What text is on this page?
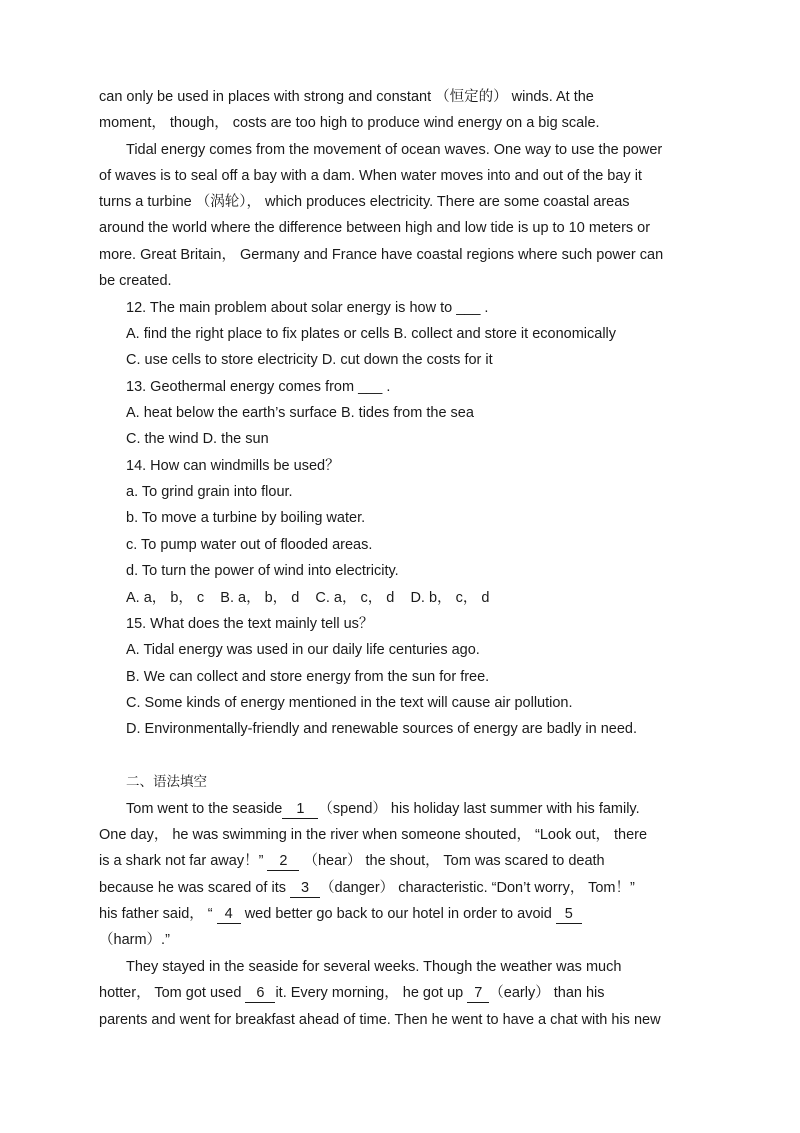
can only be used in places with strong and constant （恒定的） winds. At the
moment， though， costs are too high to produce wind energy on a big scale.
Tidal energy comes from the movement of ocean waves. One way to use the power
of waves is to seal off a bay with a dam. When water moves into and out of the bay it
turns a turbine （涡轮）， which produces electricity. There are some coastal areas
around the world where the difference between high and low tide is up to 10 meters or
more. Great Britain， Germany and France have coastal regions where such power can
be created.
12. The main problem about solar energy is how to ___ .
A. find the right place to fix plates or cells B. collect and store it economically
C. use cells to store electricity D. cut down the costs for it
13. Geothermal energy comes from ___ .
A. heat below the earth’s surface B. tides from the sea
C. the wind D. the sun
14. How can windmills be used？
a. To grind grain into flour.
b. To move a turbine by boiling water.
c. To pump water out of flooded areas.
d. To turn the power of wind into electricity.
A. a， b， c    B. a， b， d    C. a， c， d    D. b， c， d
15. What does the text mainly tell us？
A. Tidal energy was used in our daily life centuries ago.
B. We can collect and store energy from the sun for free.
C. Some kinds of energy mentioned in the text will cause air pollution.
D. Environmentally-friendly and renewable sources of energy are badly in need.
二、语法填空
Tom went to the seaside 1 （spend） his holiday last summer with his family.
One day， he was swimming in the river when someone shouted， “Look out， there
is a shark not far away！” 2 （hear） the shout， Tom was scared to death
because he was scared of its 3 （danger） characteristic. “Don’t worry， Tom！”
his father said， “ 4 wed better go back to our hotel in order to avoid 5
（harm）.”
They stayed in the seaside for several weeks. Though the weather was much
hotter， Tom got used 6 it. Every morning， he got up 7 （early） than his
parents and went for breakfast ahead of time. Then he went to have a chat with his new
